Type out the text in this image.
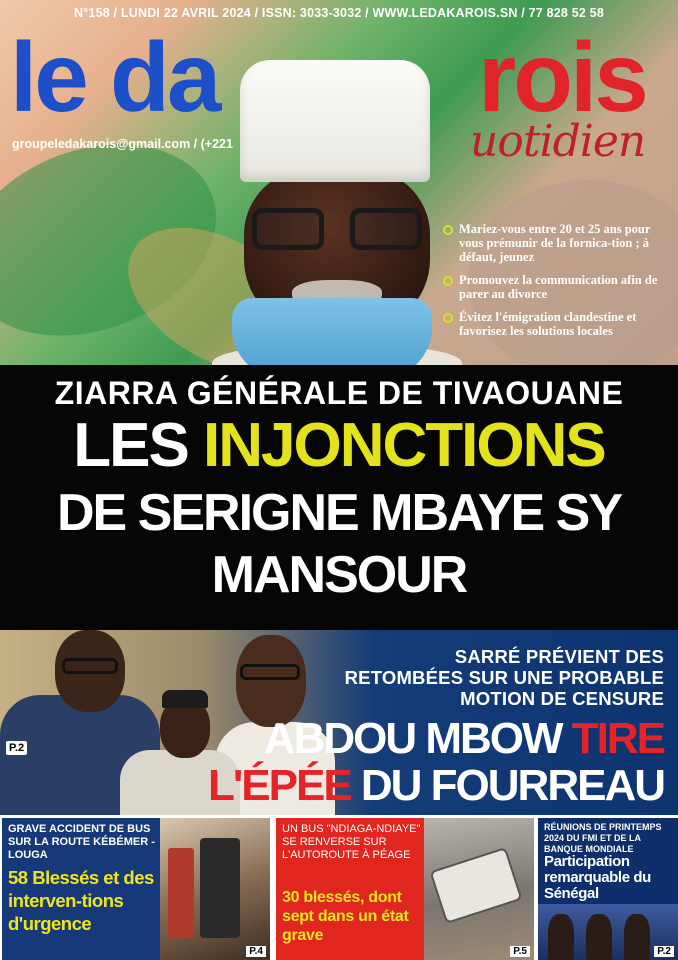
N°158 / LUNDI 22 AVRIL 2024 / ISSN: 3033-3032 / WWW.LEDAKAROIS.SN / 77 828 52 58
le da	rois
uotidien
groupeledakarois@gmail.com / (+221
Mariez-vous entre 20 et 25 ans pour vous prémunir de la fornica-tion ; à défaut, jeunez
Promouvez la communication afin de parer au divorce
Évitez l'émigration clandestine et favorisez les solutions locales
ZIARRA GÉNÉRALE DE TIVAOUANE
LES INJONCTIONS
DE SERIGNE MBAYE SY
MANSOUR
P.2
SARRÉ PRÉVIENT DES RETOMBÉES SUR UNE PROBABLE MOTION DE CENSURE
ABDOU MBOW TIRE
L'ÉPÉE DU FOURREAU
GRAVE ACCIDENT DE BUS SUR LA ROUTE KÉBÉMER - LOUGA
58 Blessés et des interven-tions d'urgence
P.4
UN BUS "NDIAGA-NDIAYE" SE RENVERSE SUR L'AUTOROUTE À PÉAGE
30 blessés, dont sept dans un état grave
P.5
RÉUNIONS DE PRINTEMPS 2024 DU FMI ET DE LA BANQUE MONDIALE
Participation remarquable du Sénégal
P.2
